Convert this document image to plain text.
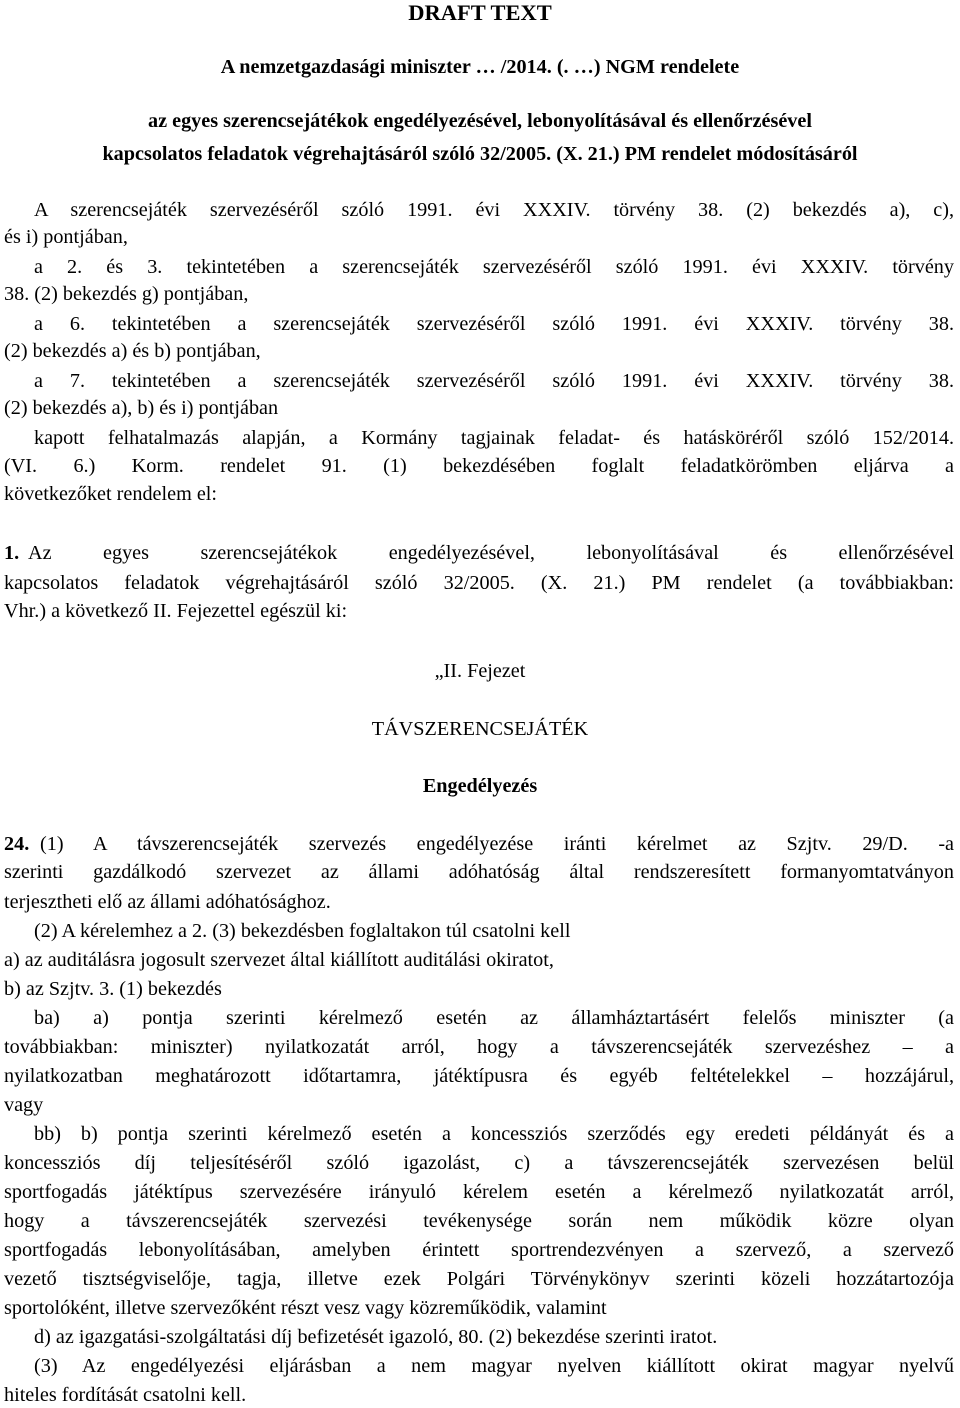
DRAFT TEXT
A nemzetgazdasági miniszter … /2014. (. …) NGM rendelete
az egyes szerencsejátékok engedélyezésével, lebonyolításával és ellenőrzésével
kapcsolatos feladatok végrehajtásáról szóló 32/2005. (X. 21.) PM rendelet módosításáról
A szerencsejáték szervezéséről szóló 1991. évi XXXIV. törvény 38. (2) bekezdés a), c),
és i) pontjában,
a 2. és 3. tekintetében a szerencsejáték szervezéséről szóló 1991. évi XXXIV. törvény
38. (2) bekezdés g) pontjában,
a 6. tekintetében a szerencsejáték szervezéséről szóló 1991. évi XXXIV. törvény 38.
(2) bekezdés a) és b) pontjában,
a 7. tekintetében a szerencsejáték szervezéséről szóló 1991. évi XXXIV. törvény 38.
(2) bekezdés a), b) és i) pontjában
kapott felhatalmazás alapján, a Kormány tagjainak feladat- és hatásköréről szóló 152/2014.
(VI. 6.) Korm. rendelet 91. (1) bekezdésében foglalt feladatkörömben eljárva a
következőket rendelem el:
1. Az egyes szerencsejátékok engedélyezésével, lebonyolításával és ellenőrzésével
kapcsolatos feladatok végrehajtásáról szóló 32/2005. (X. 21.) PM rendelet (a továbbiakban:
Vhr.) a következő II. Fejezettel egészül ki:
„II. Fejezet
TÁVSZERENCSEJÁTÉK
Engedélyezés
24. (1) A távszerencsejáték szervezés engedélyezése iránti kérelmet az Szjtv. 29/D. -a
szerinti gazdálkodó szervezet az állami adóhatóság által rendszeresített formanyomtatványon
terjesztheti elő az állami adóhatósághoz.
(2) A kérelemhez a 2. (3) bekezdésben foglaltakon túl csatolni kell
a) az auditálásra jogosult szervezet által kiállított auditálási okiratot,
b) az Szjtv. 3. (1) bekezdés
ba) a) pontja szerinti kérelmező esetén az államháztartásért felelős miniszter (a
továbbiakban: miniszter) nyilatkozatát arról, hogy a távszerencsejáték szervezéshez – a
nyilatkozatban meghatározott időtartamra, játéktípusra és egyéb feltételekkel – hozzájárul,
vagy
bb) b) pontja szerinti kérelmező esetén a koncessziós szerződés egy eredeti példányát és a
koncessziós díj teljesítéséről szóló igazolást, c) a távszerencsejáték szervezésen belül
sportfogadás játéktípus szervezésére irányuló kérelem esetén a kérelmező nyilatkozatát arról,
hogy a távszerencsejáték szervezési tevékenysége során nem működik közre olyan
sportfogadás lebonyolításában, amelyben érintett sportrendezvényen a szervező, a szervező
vezető tisztségviselője, tagja, illetve ezek Polgári Törvénykönyv szerinti közeli hozzátartozója
sportolóként, illetve szervezőként részt vesz vagy közreműködik, valamint
d) az igazgatási-szolgáltatási díj befizetését igazoló, 80. (2) bekezdése szerinti iratot.
(3) Az engedélyezési eljárásban a nem magyar nyelven kiállított okirat magyar nyelvű
hiteles fordítását csatolni kell.
